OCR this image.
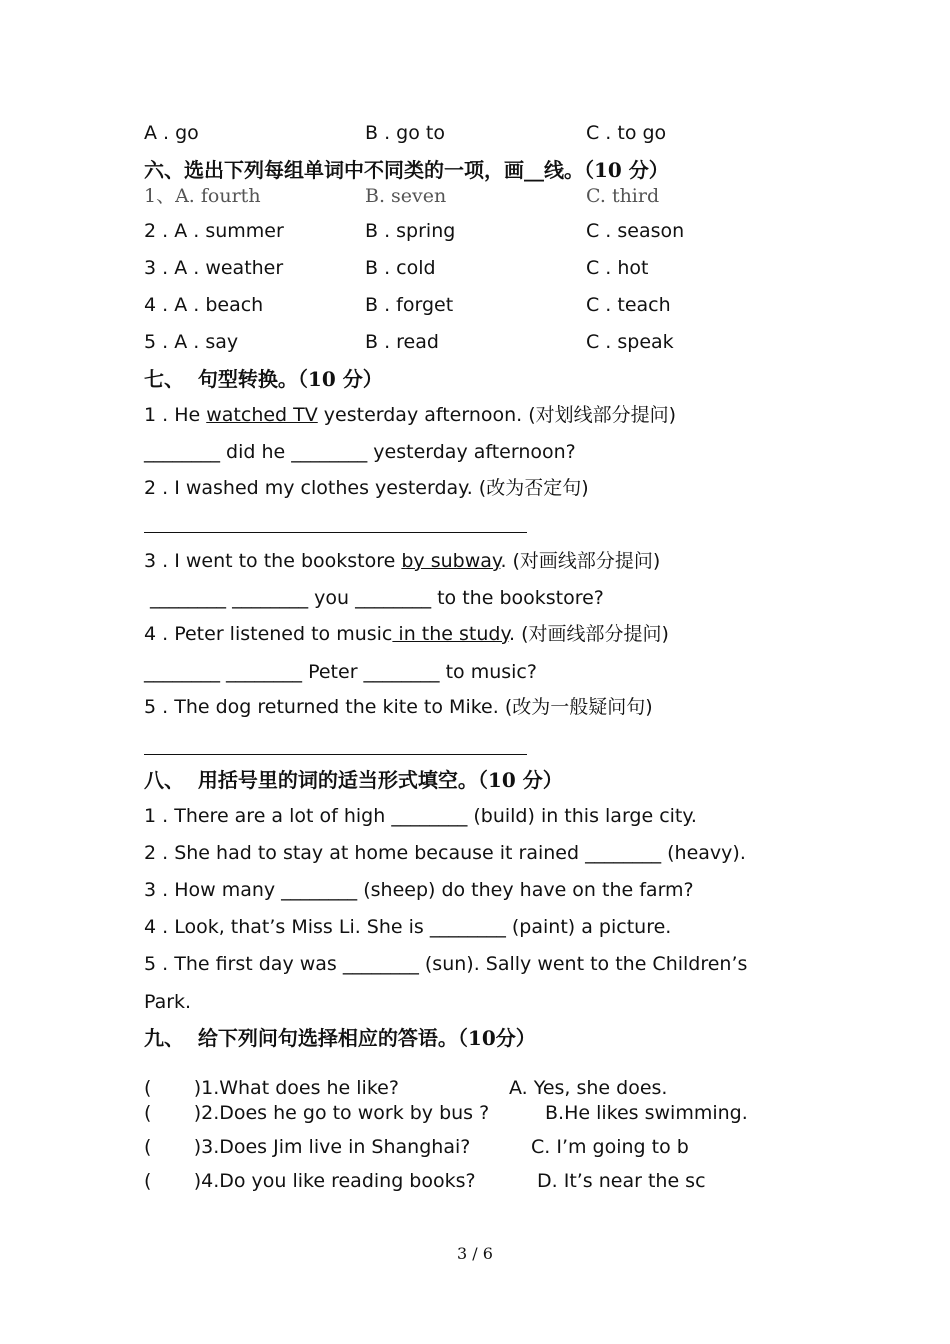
A . go	B . go to	C . to go
六、选出下列每组单词中不同类的一项，画__线。（10 分）
1、A. fourth	B. seven	C. third
2 . A . summer	B . spring	C . season
3 . A . weather	B . cold	C . hot
4 . A . beach	B . forget	C . teach
5 . A . say	B . read	C . speak
七、  句型转换。（10 分）
1 . He watched TV yesterday afternoon. (对划线部分提问)
________ did he ________ yesterday afternoon?
2 . I washed my clothes yesterday. (改为否定句)
3 . I went to the bookstore by subway. (对画线部分提问)
________ ________ you ________ to the bookstore?
4 . Peter listened to music in the study. (对画线部分提问)
________ ________ Peter ________ to music?
5 . The dog returned the kite to Mike. (改为一般疑问句)
八、  用括号里的词的适当形式填空。（10 分）
1 . There are a lot of high ________ (build) in this large city.
2 . She had to stay at home because it rained ________ (heavy).
3 . How many ________ (sheep) do they have on the farm?
4 . Look, that’s Miss Li. She is ________ (paint) a picture.
5 . The first day was ________ (sun). Sally went to the Children’s
Park.
九、  给下列问句选择相应的答语。（10分）
(       )1.What does he like?	A. Yes, she does.
(       )2.Does he go to work by bus ?	B.He likes swimming.
(       )3.Does Jim live in Shanghai?	C. I’m going to b
(       )4.Do you like reading books?	D. It’s near the sc
3 / 6
